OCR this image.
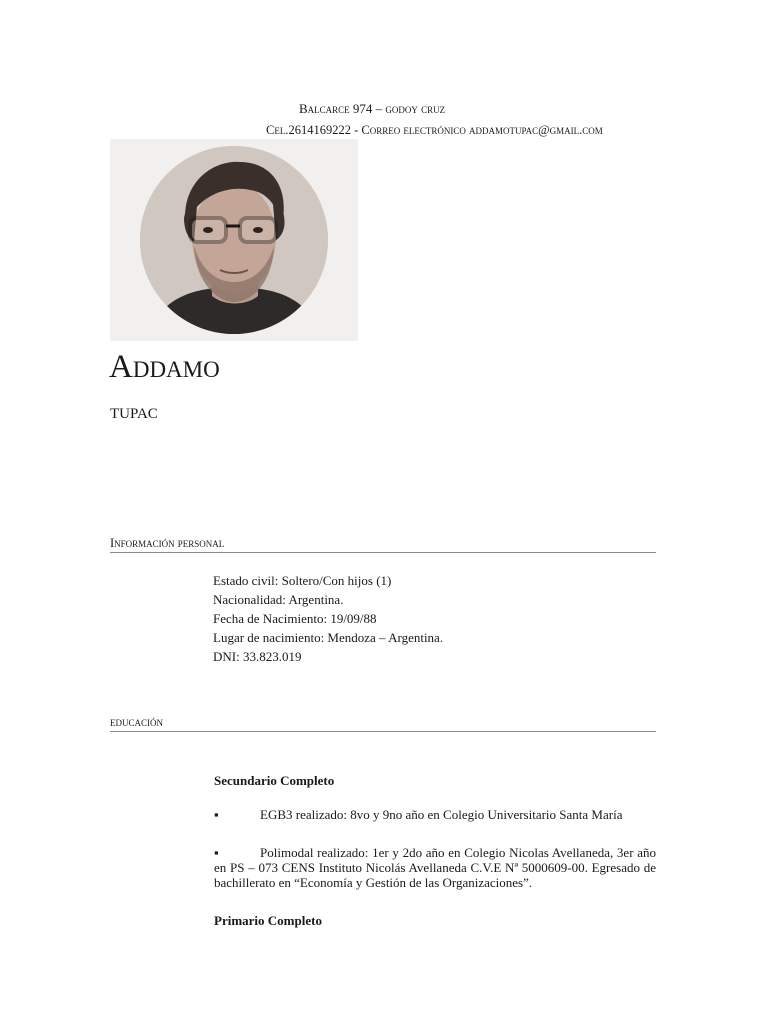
Balcarce 974 – godoy cruz
Cel.2614169222 - Correo electrónico addamotupac@gmail.com
Addamo
tupac
Información personal
Estado civil: Soltero/Con hijos (1)
Nacionalidad: Argentina.
Fecha de Nacimiento: 19/09/88
Lugar de nacimiento: Mendoza – Argentina.
DNI: 33.823.019
educación
Secundario Completo
▪	EGB3 realizado: 8vo y 9no año en Colegio Universitario Santa María
▪	Polimodal realizado: 1er y 2do año en Colegio Nicolas Avellaneda, 3er año en PS – 073 CENS Instituto Nicolás Avellaneda C.V.E Nª 5000609-00. Egresado de bachillerato en “Economía y Gestión de las Organizaciones”.
Primario Completo
